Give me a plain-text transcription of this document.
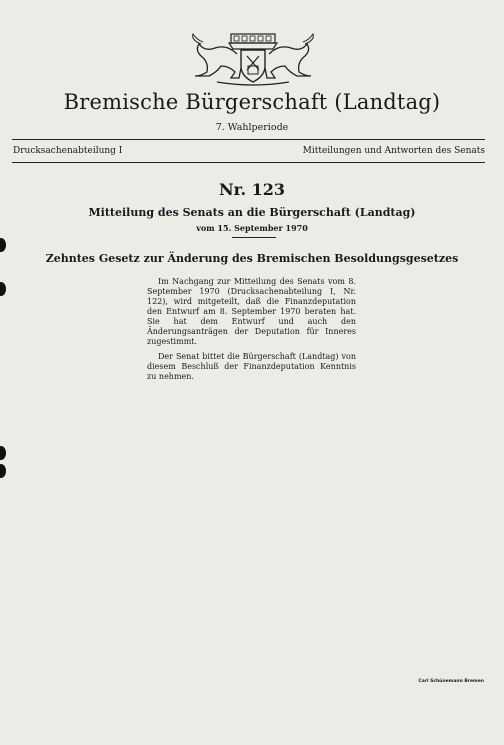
Bremische Bürgerschaft (Landtag)
7. Wahlperiode
Drucksachenabteilung I	Mitteilungen und Antworten des Senats
Nr. 123
Mitteilung des Senats an die Bürgerschaft (Landtag)
vom 15. September 1970
Zehntes Gesetz zur Änderung des Bremischen Besoldungsgesetzes

Im Nachgang zur Mitteilung des Senats vom 8. September 1970 (Drucksachenabteilung I, Nr. 122), wird mitgeteilt, daß die Finanzdeputation den Entwurf am 8. September 1970 beraten hat. Sie hat dem Entwurf und auch den Änderungsanträgen der Deputation für Inneres zugestimmt.

Der Senat bittet die Bürgerschaft (Landtag) von diesem Beschluß der Finanzdeputation Kenntnis zu nehmen.

Carl Schünemann Bremen
